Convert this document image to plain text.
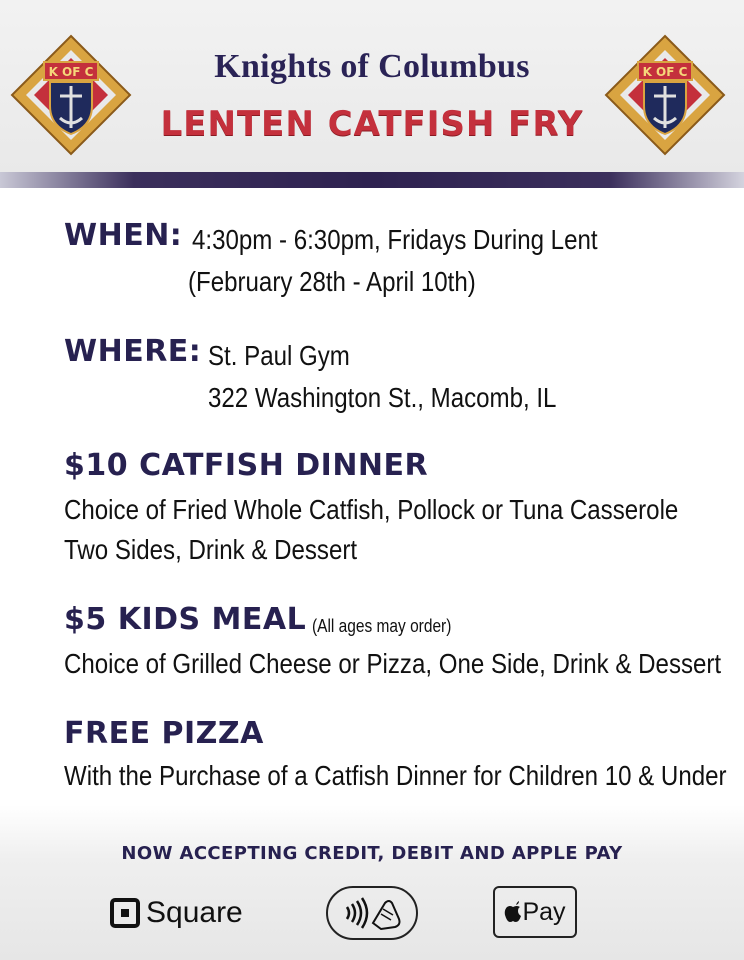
K OF C	K OF C
Knights of Columbus
LENTEN CATFISH FRY
WHEN: 4:30pm - 6:30pm, Fridays During Lent
(February 28th - April 10th)
WHERE: St. Paul Gym
322 Washington St., Macomb, IL
$10 CATFISH DINNER
Choice of Fried Whole Catfish, Pollock or Tuna Casserole
Two Sides, Drink & Dessert
$5 KIDS MEAL (All ages may order)
Choice of Grilled Cheese or Pizza, One Side, Drink & Dessert
FREE PIZZA
With the Purchase of a Catfish Dinner for Children 10 & Under
NOW ACCEPTING CREDIT, DEBIT AND APPLE PAY
Square	Pay
